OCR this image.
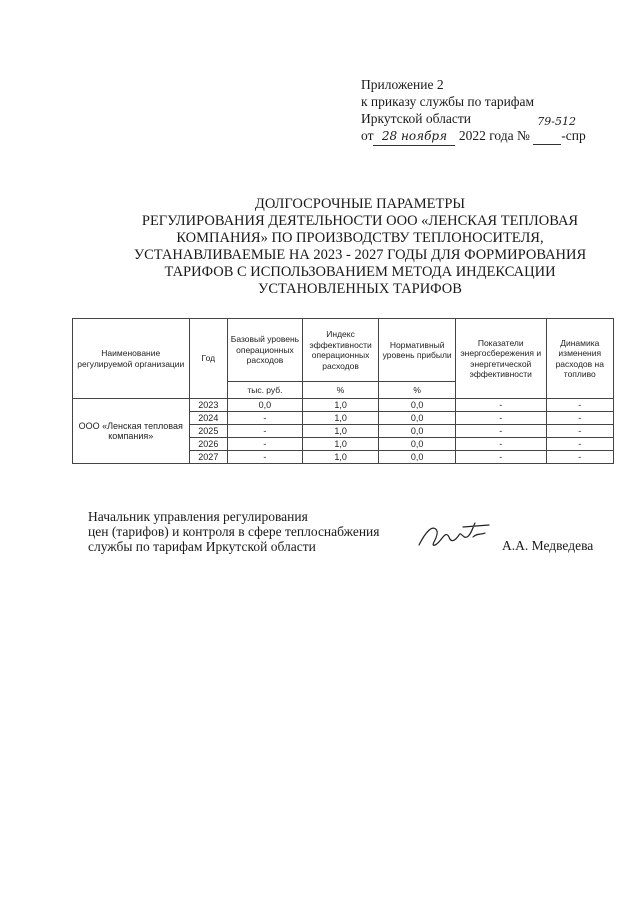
Приложение 2
к приказу службы по тарифам
Иркутской области
от 28 ноября 2022 года №
79-512
-спр
ДОЛГОСРОЧНЫЕ ПАРАМЕТРЫ
РЕГУЛИРОВАНИЯ ДЕЯТЕЛЬНОСТИ ООО «ЛЕНСКАЯ ТЕПЛОВАЯ
КОМПАНИЯ» ПО ПРОИЗВОДСТВУ ТЕПЛОНОСИТЕЛЯ,
УСТАНАВЛИВАЕМЫЕ НА 2023 - 2027 ГОДЫ ДЛЯ ФОРМИРОВАНИЯ
ТАРИФОВ С ИСПОЛЬЗОВАНИЕМ МЕТОДА ИНДЕКСАЦИИ
УСТАНОВЛЕННЫХ ТАРИФОВ
Наименование регулируемой организации	Год	Базовый уровень операционных расходов	Индекс эффективности операционных расходов	Нормативный уровень прибыли	Показатели энергосбережения и энергетической эффективности	Динамика изменения расходов на топливо
		тыс. руб.	%	%		
ООО «Ленская тепловая компания»	2023	0,0	1,0	0,0	-	-
	2024	-	1,0	0,0	-	-
	2025	-	1,0	0,0	-	-
	2026	-	1,0	0,0	-	-
	2027	-	1,0	0,0	-	-
Начальник управления регулирования
цен (тарифов) и контроля в сфере теплоснабжения
службы по тарифам Иркутской области	А.А. Медведева
